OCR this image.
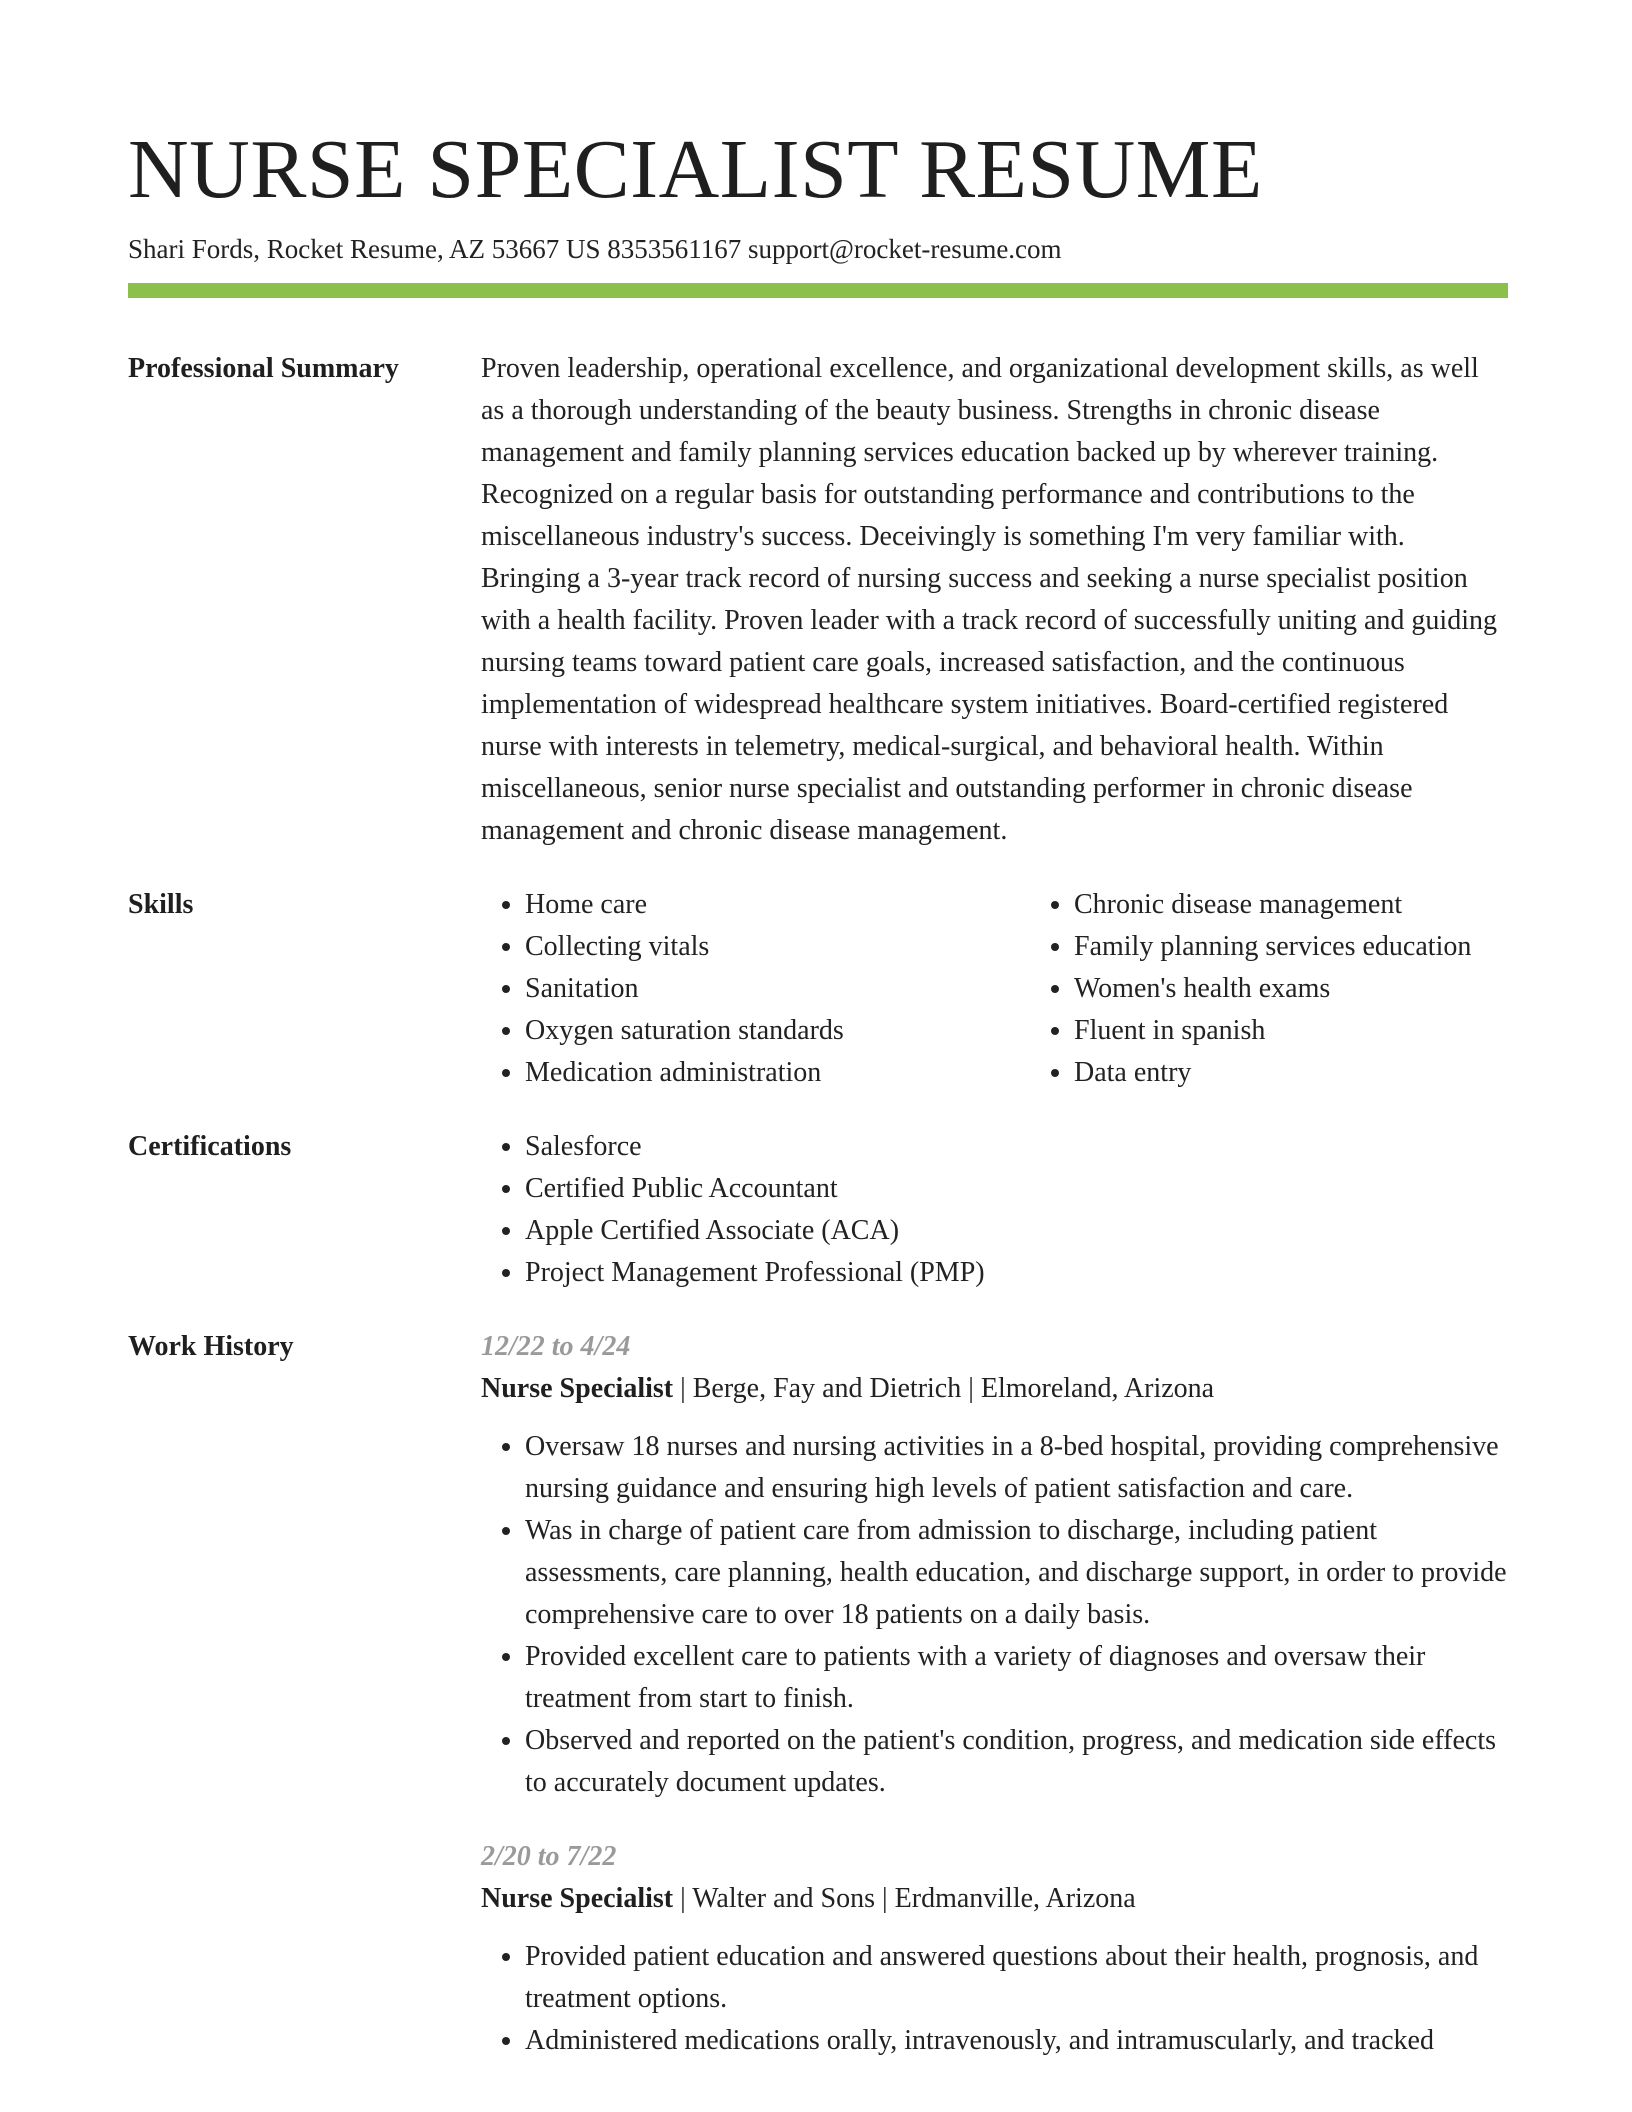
NURSE SPECIALIST RESUME
Shari Fords, Rocket Resume, AZ 53667 US 8353561167 support@rocket-resume.com
Professional Summary	Proven leadership, operational excellence, and organizational development skills, as well as a thorough understanding of the beauty business. Strengths in chronic disease management and family planning services education backed up by wherever training. Recognized on a regular basis for outstanding performance and contributions to the miscellaneous industry's success. Deceivingly is something I'm very familiar with. Bringing a 3-year track record of nursing success and seeking a nurse specialist position with a health facility. Proven leader with a track record of successfully uniting and guiding nursing teams toward patient care goals, increased satisfaction, and the continuous implementation of widespread healthcare system initiatives. Board-certified registered nurse with interests in telemetry, medical-surgical, and behavioral health. Within miscellaneous, senior nurse specialist and outstanding performer in chronic disease management and chronic disease management.

Skills	• Home care
• Collecting vitals
• Sanitation
• Oxygen saturation standards
• Medication administration
• Chronic disease management
• Family planning services education
• Women's health exams
• Fluent in spanish
• Data entry
Certifications	• Salesforce
• Certified Public Accountant
• Apple Certified Associate (ACA)
• Project Management Professional (PMP)
Work History	12/22 to 4/24
Nurse Specialist | Berge, Fay and Dietrich | Elmoreland, Arizona
• Oversaw 18 nurses and nursing activities in a 8-bed hospital, providing comprehensive nursing guidance and ensuring high levels of patient satisfaction and care.
• Was in charge of patient care from admission to discharge, including patient assessments, care planning, health education, and discharge support, in order to provide comprehensive care to over 18 patients on a daily basis.
• Provided excellent care to patients with a variety of diagnoses and oversaw their treatment from start to finish.
• Observed and reported on the patient's condition, progress, and medication side effects to accurately document updates.
2/20 to 7/22
Nurse Specialist | Walter and Sons | Erdmanville, Arizona
• Provided patient education and answered questions about their health, prognosis, and treatment options.
• Administered medications orally, intravenously, and intramuscularly, and tracked
